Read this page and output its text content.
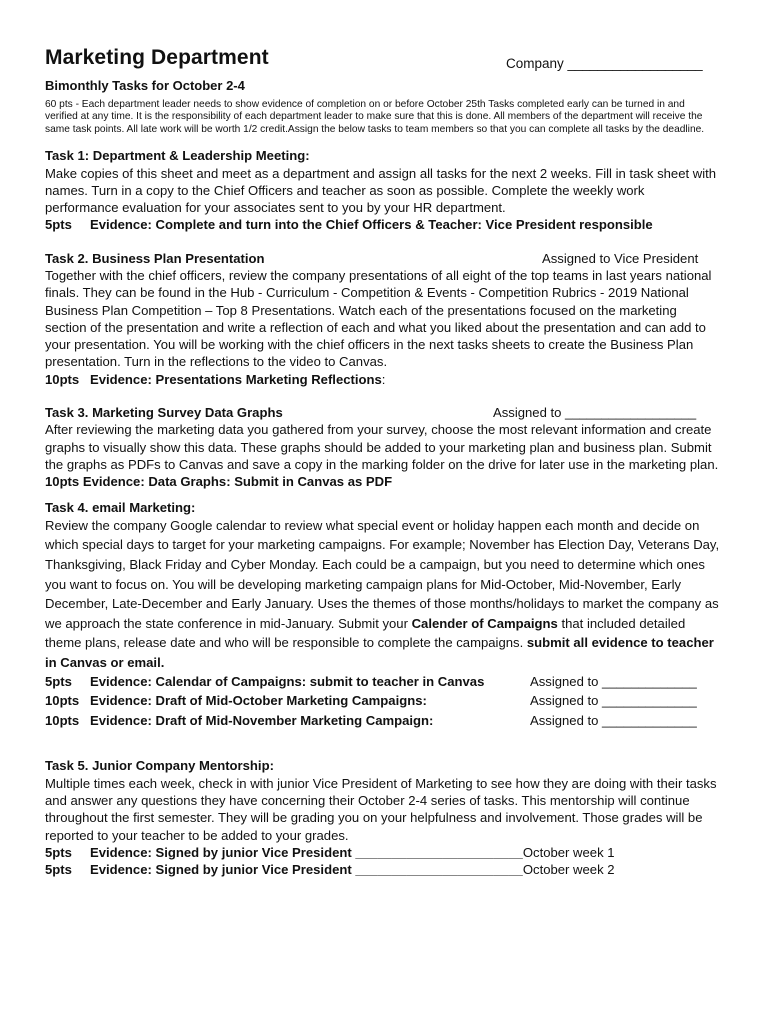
Marketing Department	Company __________________
Bimonthly Tasks for October 2-4
60 pts - Each department leader needs to show evidence of completion on or before October 25th Tasks completed early can be turned in and verified at any time. It is the responsibility of each department leader to make sure that this is done. All members of the department will receive the same task points. All late work will be worth 1/2 credit.Assign the below tasks to team members so that you can complete all tasks by the deadline.

Task 1: Department & Leadership Meeting:

Make copies of this sheet and meet as a department and assign all tasks for the next 2 weeks. Fill in task sheet with names. Turn in a copy to the Chief Officers and teacher as soon as possible. Complete the weekly work performance evaluation for your associates sent to you by your HR department.

5pts Evidence: Complete and turn into the Chief Officers & Teacher: Vice President responsible

Task 2. Business Plan Presentation	Assigned to Vice President

Together with the chief officers, review the company presentations of all eight of the top teams in last years national finals. They can be found in the Hub - Curriculum - Competition & Events - Competition Rubrics - 2019 National Business Plan Competition – Top 8 Presentations. Watch each of the presentations focused on the marketing section of the presentation and write a reflection of each and what you liked about the presentation and can add to your presentation. You will be working with the chief officers in the next tasks sheets to create the Business Plan presentation. Turn in the reflections to the video to Canvas.

10pts Evidence: Presentations Marketing Reflections:

Task 3. Marketing Survey Data Graphs	Assigned to __________________

After reviewing the marketing data you gathered from your survey, choose the most relevant information and create graphs to visually show this data. These graphs should be added to your marketing plan and business plan. Submit the graphs as PDFs to Canvas and save a copy in the marking folder on the drive for later use in the marketing plan.

10pts Evidence: Data Graphs: Submit in Canvas as PDF

Task 4. email Marketing:

Review the company Google calendar to review what special event or holiday happen each month and decide on which special days to target for your marketing campaigns. For example; November has Election Day, Veterans Day, Thanksgiving, Black Friday and Cyber Monday. Each could be a campaign, but you need to determine which ones you want to focus on. You will be developing marketing campaign plans for Mid-October, Mid-November, Early December, Late-December and Early January. Uses the themes of those months/holidays to market the company as we approach the state conference in mid-January. Submit your Calender of Campaigns that included detailed theme plans, release date and who will be responsible to complete the campaigns. submit all evidence to teacher in Canvas or email.

5pts Evidence: Calendar of Campaigns: submit to teacher in Canvas	Assigned to _____________
10pts Evidence: Draft of Mid-October Marketing Campaigns:	Assigned to _____________
10pts Evidence: Draft of Mid-November Marketing Campaign:	Assigned to _____________

Task 5. Junior Company Mentorship:

Multiple times each week, check in with junior Vice President of Marketing to see how they are doing with their tasks and answer any questions they have concerning their October 2-4 series of tasks. This mentorship will continue throughout the first semester. They will be grading you on your helpfulness and involvement. Those grades will be reported to your teacher to be added to your grades.

5pts Evidence: Signed by junior Vice President _______________________October week 1
5pts Evidence: Signed by junior Vice President _______________________October week 2
